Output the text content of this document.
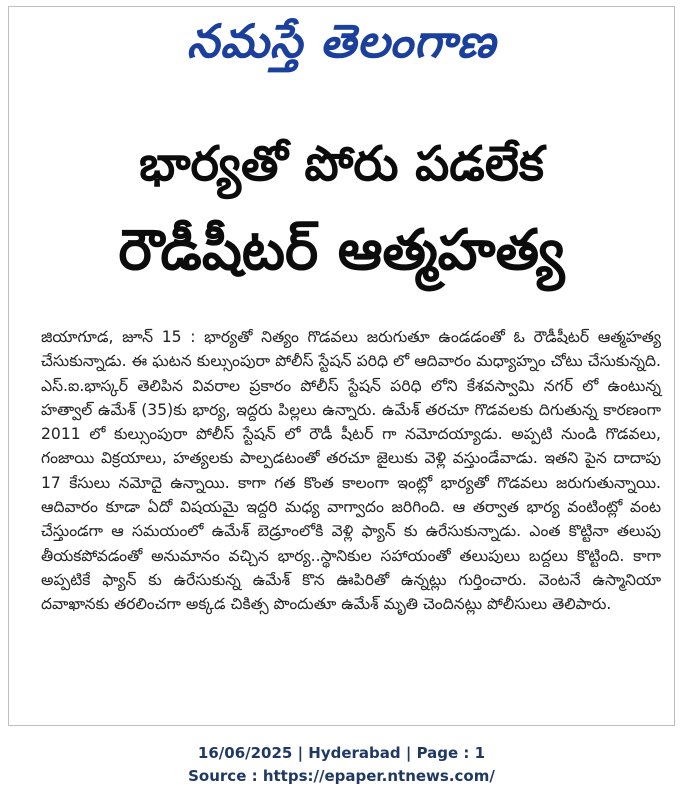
నమస్తే తెలంగాణ
భార్యతో పోరు పడలేక
రౌడీషీటర్ ఆత్మహత్య
జియాగూడ, జూన్ 15 : భార్యతో నిత్యం గొడవలు జరుగుతూ ఉండడంతో ఓ రౌడీషీటర్ ఆత్మహత్య చేసుకున్నాడు. ఈ ఘటన కుల్సుంపురా పోలీస్ స్టేషన్ పరిధి లో ఆదివారం మధ్యాహ్నం చోటు చేసుకున్నది. ఎస్.ఐ.భాస్కర్ తెలిపిన వివరాల ప్రకారం పోలీస్ స్టేషన్ పరిధి లోని కేశవస్వామి నగర్ లో ఉంటున్న హత్వాల్ ఉమేశ్ (35)కు భార్య, ఇద్దరు పిల్లలు ఉన్నారు. ఉమేశ్ తరచూ గొడవలకు దిగుతున్న కారణంగా 2011 లో కుల్సుంపురా పోలీస్ స్టేషన్ లో రౌడీ షీటర్ గా నమోదయ్యాడు. అప్పటి నుండి గొడవలు, గంజాయి విక్రయాలు, హత్యలకు పాల్పడటంతో తరచూ జైలుకు వెళ్లి వస్తుండేవాడు. ఇతని పైన దాదాపు 17 కేసులు నమోదై ఉన్నాయి. కాగా గత కొంత కాలంగా ఇంట్లో భార్యతో గొడవలు జరుగుతున్నాయి. ఆదివారం కూడా ఏదో విషయమై ఇద్దరి మధ్య వాగ్వాదం జరిగింది. ఆ తర్వాత భార్య వంటింట్లో వంట చేస్తుండగా ఆ సమయంలో ఉమేశ్ బెడ్రూంలోకి వెళ్లి ఫ్యాన్ కు ఉరేసుకున్నాడు. ఎంత కొట్టినా తలుపు తీయకపోవడంతో అనుమానం వచ్చిన భార్య..స్థానికుల సహాయంతో తలుపులు బద్దలు కొట్టింది. కాగా అప్పటికే ఫ్యాన్ కు ఉరేసుకున్న ఉమేశ్ కొన ఊపిరితో ఉన్నట్లు గుర్తించారు. వెంటనే ఉస్మానియా దవాఖానకు తరలించగా అక్కడ చికిత్స పొందుతూ ఉమేశ్ మృతి చెందినట్లు పోలీసులు తెలిపారు.
16/06/2025 | Hyderabad | Page : 1
Source : https://epaper.ntnews.com/
